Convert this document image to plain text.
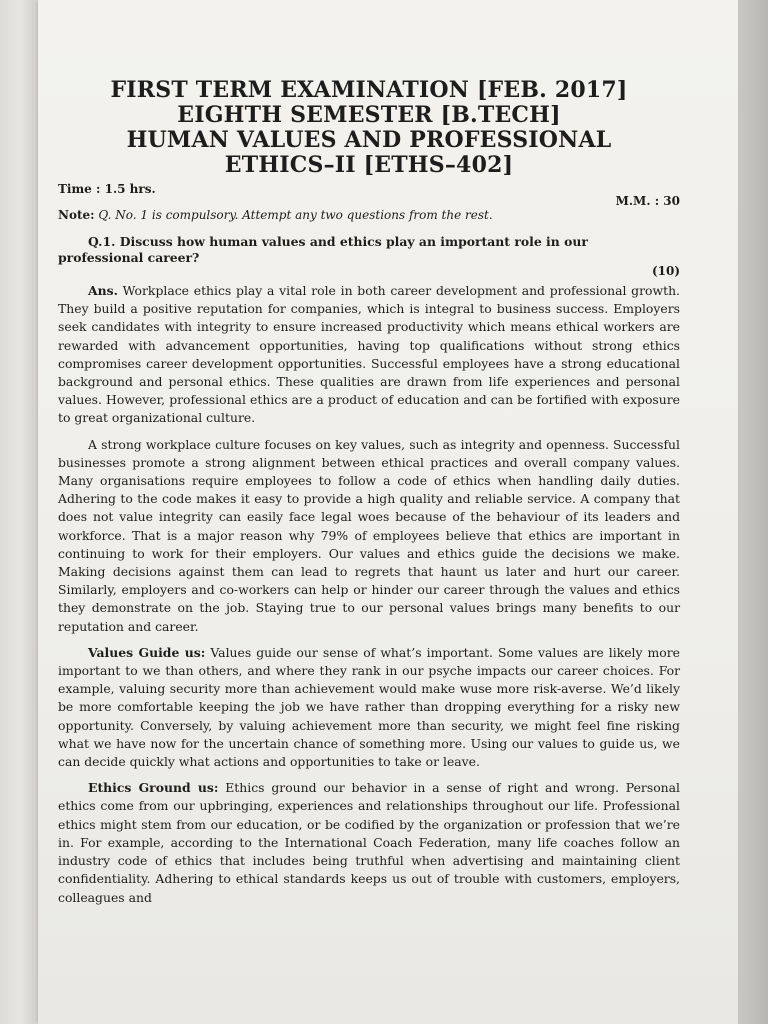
FIRST TERM EXAMINATION [FEB. 2017]
EIGHTH SEMESTER [B.TECH]
HUMAN VALUES AND PROFESSIONAL
ETHICS–II [ETHS–402]
Time : 1.5 hrs.
M.M. : 30
Note: Q. No. 1 is compulsory. Attempt any two questions from the rest.
Q.1. Discuss how human values and ethics play an important role in our professional career?
(10)

Ans. Workplace ethics play a vital role in both career development and professional growth. They build a positive reputation for companies, which is integral to business success. Employers seek candidates with integrity to ensure increased productivity which means ethical workers are rewarded with advancement opportunities, having top qualifications without strong ethics compromises career development opportunities. Successful employees have a strong educational background and personal ethics. These qualities are drawn from life experiences and personal values. However, professional ethics are a product of education and can be fortified with exposure to great organizational culture.

A strong workplace culture focuses on key values, such as integrity and openness. Successful businesses promote a strong alignment between ethical practices and overall company values. Many organisations require employees to follow a code of ethics when handling daily duties. Adhering to the code makes it easy to provide a high quality and reliable service. A company that does not value integrity can easily face legal woes because of the behaviour of its leaders and workforce. That is a major reason why 79% of employees believe that ethics are important in continuing to work for their employers. Our values and ethics guide the decisions we make. Making decisions against them can lead to regrets that haunt us later and hurt our career. Similarly, employers and co-workers can help or hinder our career through the values and ethics they demonstrate on the job. Staying true to our personal values brings many benefits to our reputation and career.

Values Guide us: Values guide our sense of what’s important. Some values are likely more important to we than others, and where they rank in our psyche impacts our career choices. For example, valuing security more than achievement would make wuse more risk-averse. We’d likely be more comfortable keeping the job we have rather than dropping everything for a risky new opportunity. Conversely, by valuing achievement more than security, we might feel fine risking what we have now for the uncertain chance of something more. Using our values to guide us, we can decide quickly what actions and opportunities to take or leave.

Ethics Ground us: Ethics ground our behavior in a sense of right and wrong. Personal ethics come from our upbringing, experiences and relationships throughout our life. Professional ethics might stem from our education, or be codified by the organization or profession that we’re in. For example, according to the International Coach Federation, many life coaches follow an industry code of ethics that includes being truthful when advertising and maintaining client confidentiality. Adhering to ethical standards keeps us out of trouble with customers, employers, colleagues and
